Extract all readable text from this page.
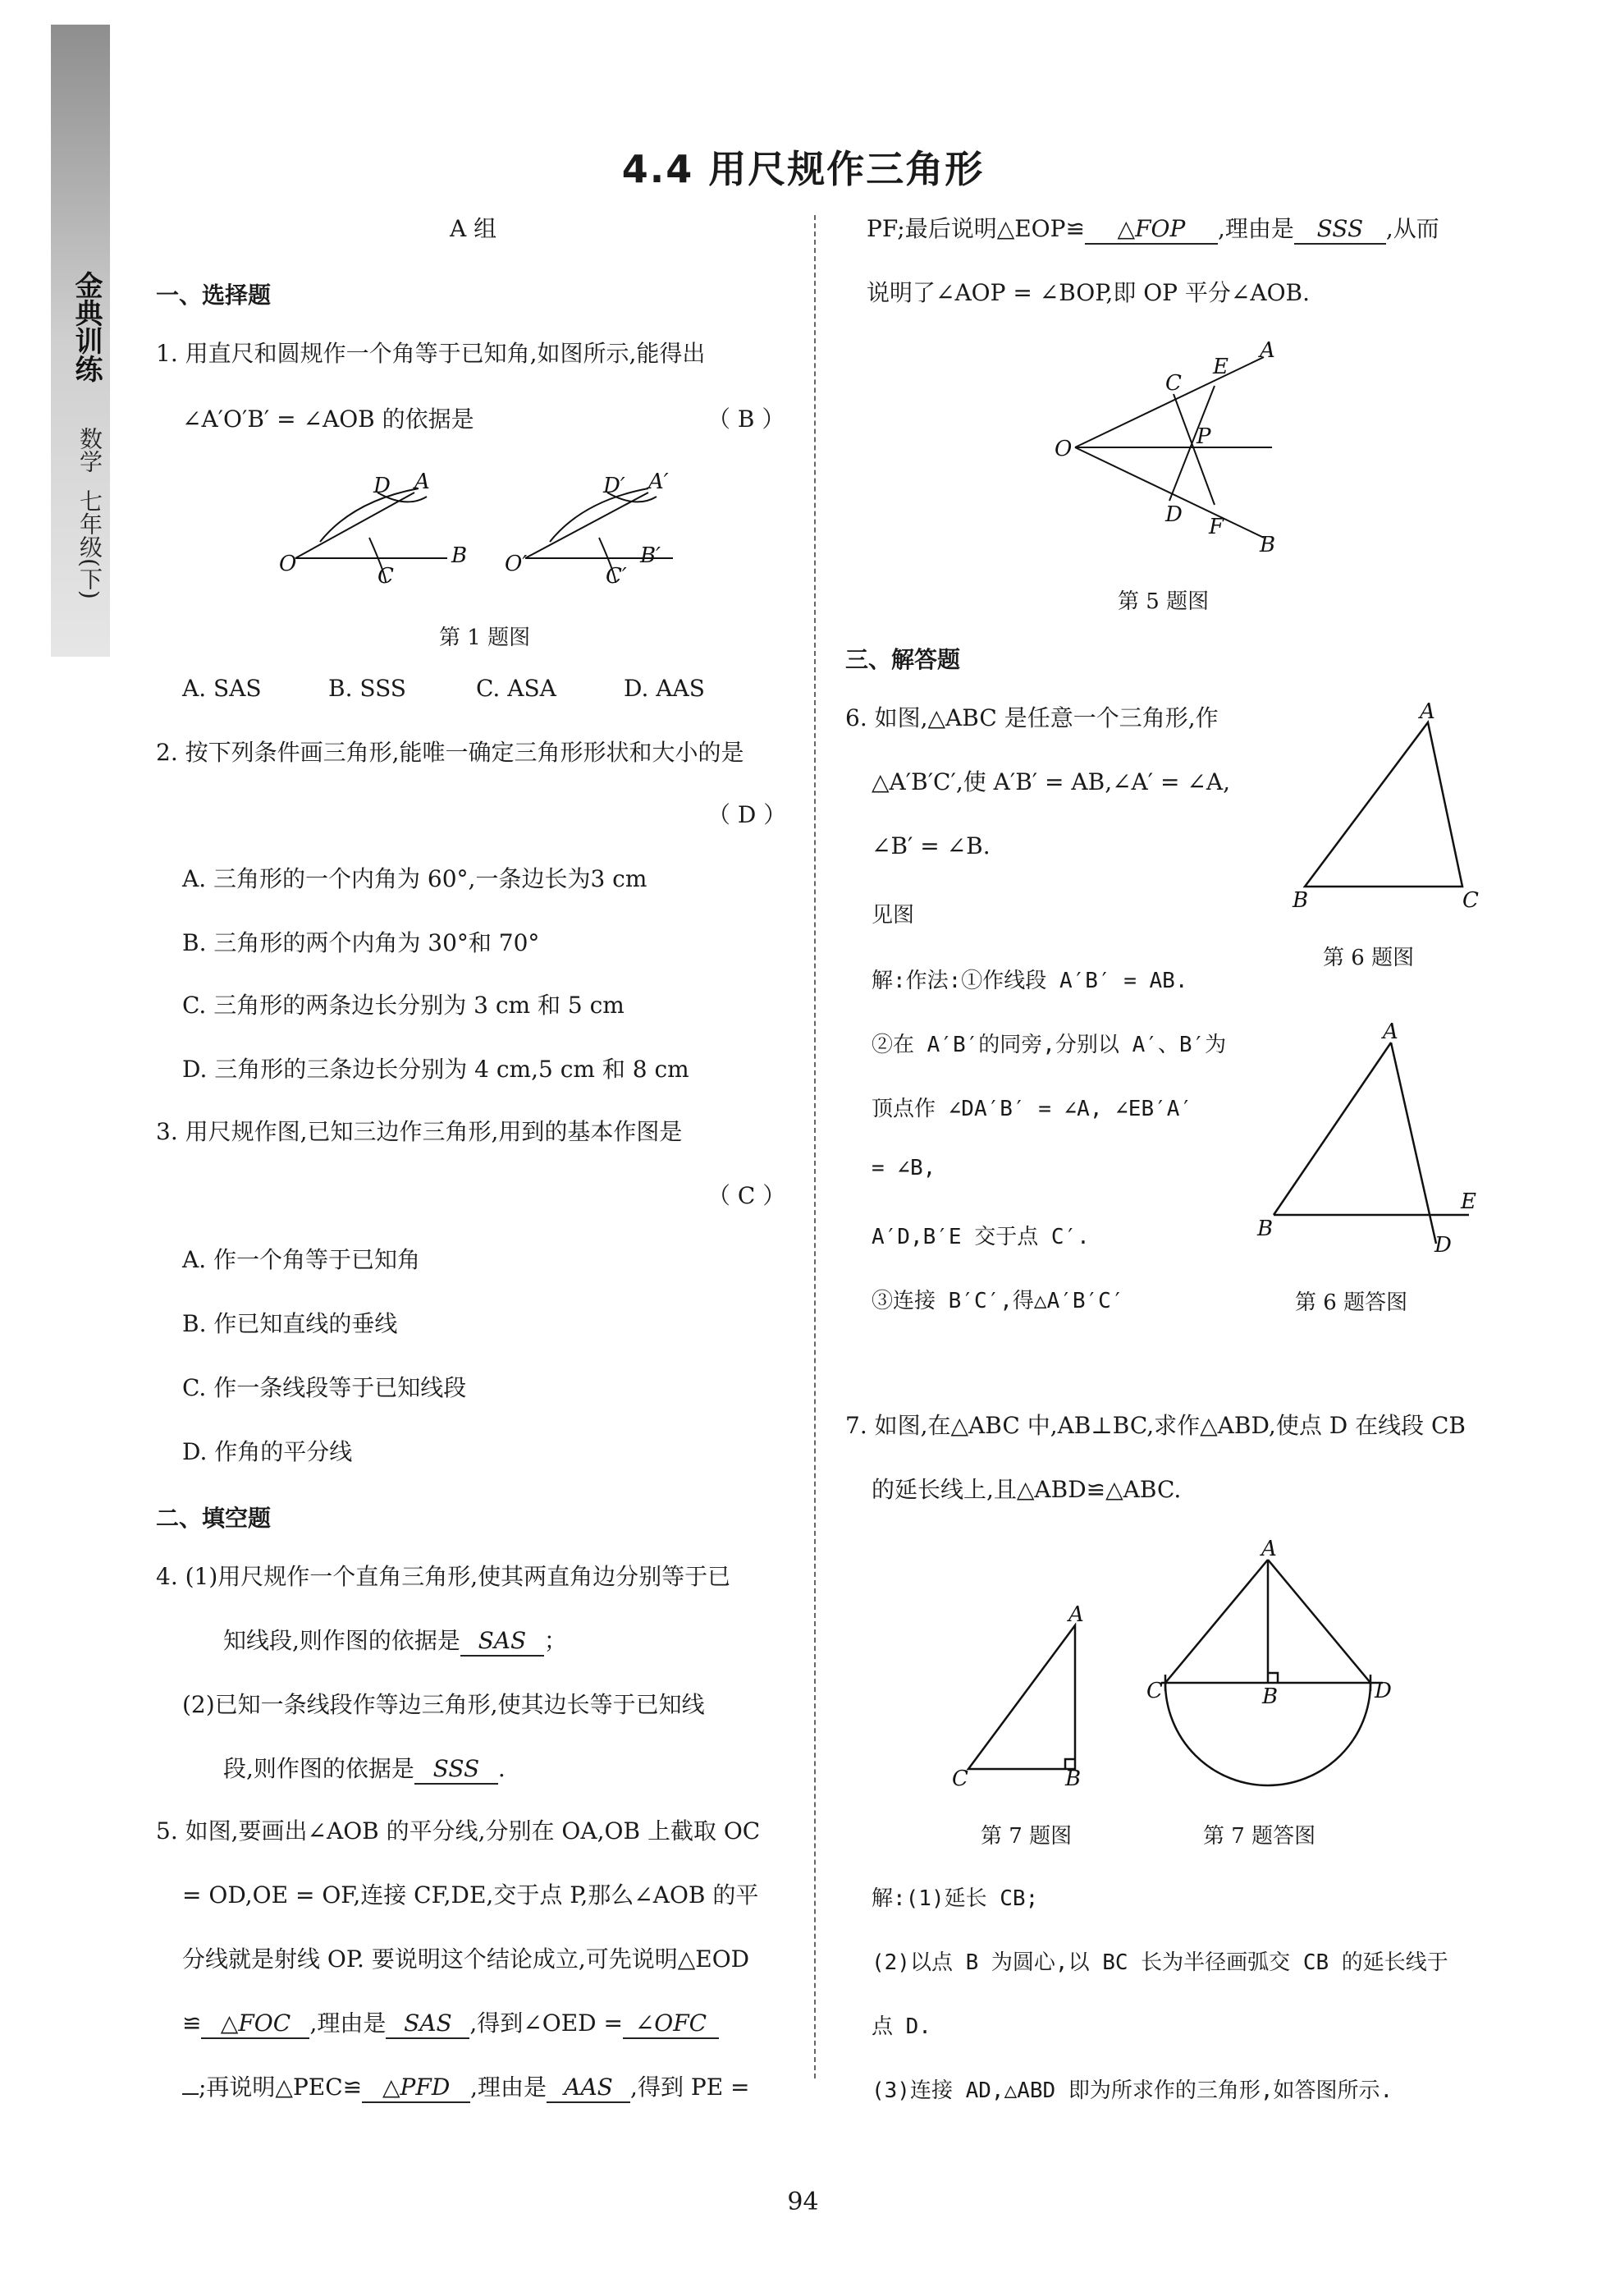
金典训练
数学
七年级(下)
4.4 用尺规作三角形
A 组
一、选择题
1. 用直尺和圆规作一个角等于已知角,如图所示,能得出
∠A′O′B′ = ∠AOB 的依据是	（ B ）
O	C
B
D A
O′	C′
B′
D′ A′
第 1 题图
A. SAS	B. SSS	C. ASA	D. AAS
2. 按下列条件画三角形,能唯一确定三角形形状和大小的是
（ D ）
A. 三角形的一个内角为 60°,一条边长为3 cm
B. 三角形的两个内角为 30°和 70°
C. 三角形的两条边长分别为 3 cm 和 5 cm
D. 三角形的三条边长分别为 4 cm,5 cm 和 8 cm
3. 用尺规作图,已知三边作三角形,用到的基本作图是
（ C ）
A. 作一个角等于已知角
B. 作已知直线的垂线
C. 作一条线段等于已知线段
D. 作角的平分线
二、填空题
4. (1)用尺规作一个直角三角形,使其两直角边分别等于已
知线段,则作图的依据是 SAS ；
(2)已知一条线段作等边三角形,使其边长等于已知线
段,则作图的依据是 SSS .
5. 如图,要画出∠AOB 的平分线,分别在 OA,OB 上截取 OC
= OD,OE = OF,连接 CF,DE,交于点 P,那么∠AOB 的平
分线就是射线 OP. 要说明这个结论成立,可先说明△EOD
≌ △FOC ,理由是 SAS ,得到∠OED = ∠OFC
;再说明△PEC≌ △PFD ,理由是 AAS ,得到 PE =
PF;最后说明△EOP≌ △FOP ,理由是 SSS ,从而
说明了∠AOP = ∠BOP,即 OP 平分∠AOB.
O
C
E
A
P
D F
B
第 5 题图
三、解答题
6. 如图,△ABC 是任意一个三角形,作
△A′B′C′,使 A′B′ = AB,∠A′ = ∠A,
∠B′ = ∠B.
见图
解:作法:①作线段 A′B′ = AB.
②在 A′B′的同旁,分别以 A′、B′为
顶点作 ∠DA′B′ = ∠A, ∠EB′A′
= ∠B,
A′D,B′E 交于点 C′.
③连接 B′C′,得△A′B′C′
A
B	C
第 6 题图
A
B
E
D
第 6 题答图
7. 如图,在△ABC 中,AB⊥BC,求作△ABD,使点 D 在线段 CB
的延长线上,且△ABD≌△ABC.
A
C	B
第 7 题图
A
C	B	D
第 7 题答图
解:(1)延长 CB;
(2)以点 B 为圆心,以 BC 长为半径画弧交 CB 的延长线于
点 D.
(3)连接 AD,△ABD 即为所求作的三角形,如答图所示.
94
